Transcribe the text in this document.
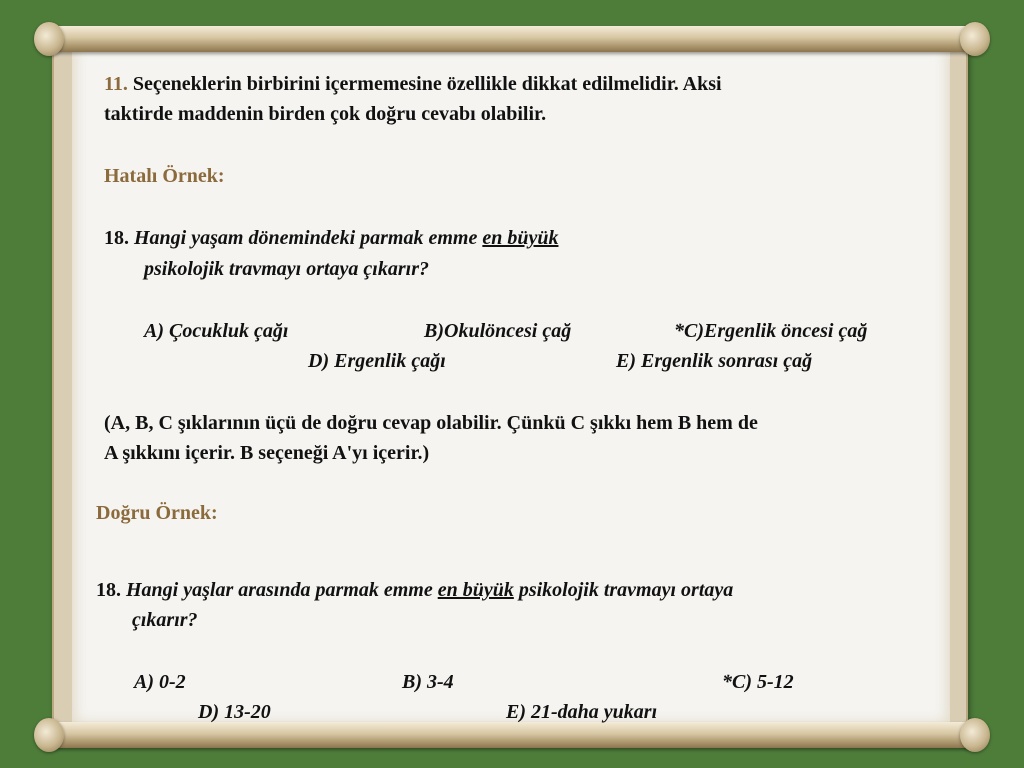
11. Seçeneklerin birbirini içermemesine özellikle dikkat edilmelidir. Aksi
taktirde maddenin birden çok doğru cevabı olabilir.
Hatalı Örnek:
18. Hangi yaşam dönemindeki parmak emme en büyük
psikolojik travmayı ortaya çıkarır?
A) Çocukluk çağı	B)Okulöncesi çağ	*C)Ergenlik öncesi çağ
D) Ergenlik çağı	E) Ergenlik sonrası çağ
(A, B, C şıklarının üçü de doğru cevap olabilir. Çünkü C şıkkı hem B hem de
A şıkkını içerir. B seçeneği A'yı içerir.)
Doğru Örnek:
18. Hangi yaşlar arasında parmak emme en büyük psikolojik travmayı ortaya
çıkarır?
A) 0-2	B) 3-4	*C) 5-12
D) 13-20	E) 21-daha yukarı
